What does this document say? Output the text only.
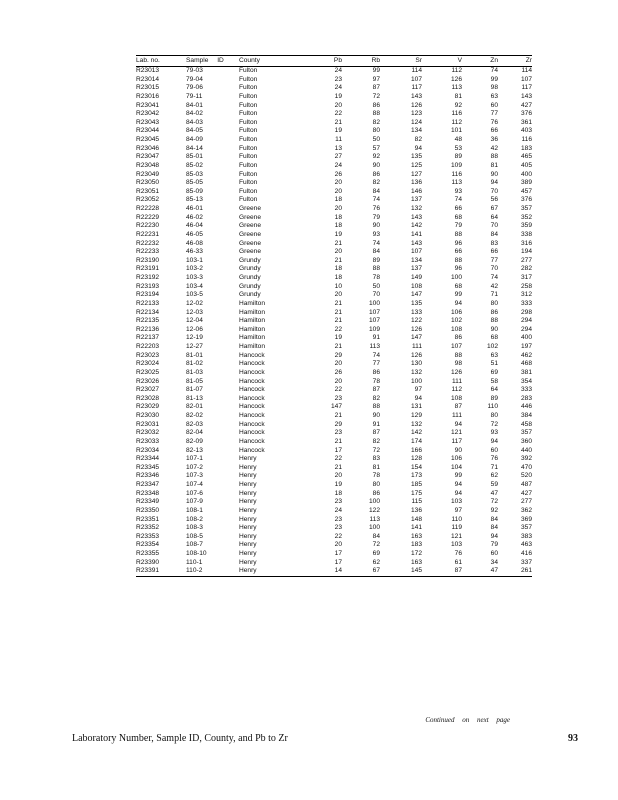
Lab. no.	Sample ID	County	Pb	Rb	Sr	V	Zn	Zr
R23013	79-03	Fulton	24	99	114	112	74	114
R23014	79-04	Fulton	23	97	107	126	99	107
R23015	79-06	Fulton	24	87	117	113	98	117
R23016	79-11	Fulton	19	72	143	81	63	143
R23041	84-01	Fulton	20	86	126	92	60	427
R23042	84-02	Fulton	22	88	123	116	77	376
R23043	84-03	Fulton	21	82	124	112	76	361
R23044	84-05	Fulton	19	80	134	101	66	403
R23045	84-09	Fulton	11	50	82	48	36	116
R23046	84-14	Fulton	13	57	94	53	42	183
R23047	85-01	Fulton	27	92	135	89	88	465
R23048	85-02	Fulton	24	90	125	109	81	405
R23049	85-03	Fulton	26	86	127	116	90	400
R23050	85-05	Fulton	20	82	136	113	94	389
R23051	85-09	Fulton	20	84	146	93	70	457
R23052	85-13	Fulton	18	74	137	74	56	376
R22228	46-01	Greene	20	76	132	66	67	357
R22229	46-02	Greene	18	79	143	68	64	352
R22230	46-04	Greene	18	90	142	79	70	359
R22231	46-05	Greene	19	93	141	88	84	338
R22232	46-08	Greene	21	74	143	96	83	316
R22233	46-33	Greene	20	84	107	66	66	194
R23190	103-1	Grundy	21	89	134	88	77	277
R23191	103-2	Grundy	18	88	137	96	70	282
R23192	103-3	Grundy	18	78	149	100	74	317
R23193	103-4	Grundy	10	50	108	68	42	258
R23194	103-5	Grundy	20	70	147	99	71	312
R22133	12-02	Hamilton	21	100	135	94	80	333
R22134	12-03	Hamilton	21	107	133	106	86	298
R22135	12-04	Hamilton	21	107	122	102	88	294
R22136	12-06	Hamilton	22	109	126	108	90	294
R22137	12-19	Hamilton	19	91	147	86	68	400
R22203	12-27	Hamilton	21	113	111	107	102	197
R23023	81-01	Hancock	29	74	126	88	63	462
R23024	81-02	Hancock	20	77	130	98	51	468
R23025	81-03	Hancock	26	86	132	126	69	381
R23026	81-05	Hancock	20	78	100	111	58	354
R23027	81-07	Hancock	22	87	97	112	64	333
R23028	81-13	Hancock	23	82	94	108	89	283
R23029	82-01	Hancock	147	88	131	87	110	446
R23030	82-02	Hancock	21	90	129	111	80	384
R23031	82-03	Hancock	29	91	132	94	72	458
R23032	82-04	Hancock	23	87	142	121	93	357
R23033	82-09	Hancock	21	82	174	117	94	360
R23034	82-13	Hancock	17	72	166	90	60	440
R23344	107-1	Henry	22	83	128	106	76	392
R23345	107-2	Henry	21	81	154	104	71	470
R23346	107-3	Henry	20	78	173	99	62	520
R23347	107-4	Henry	19	80	185	94	59	487
R23348	107-6	Henry	18	86	175	94	47	427
R23349	107-9	Henry	23	100	115	103	72	277
R23350	108-1	Henry	24	122	136	97	92	362
R23351	108-2	Henry	23	113	148	110	84	369
R23352	108-3	Henry	23	100	141	119	84	357
R23353	108-5	Henry	22	84	163	121	94	383
R23354	108-7	Henry	20	72	183	103	79	463
R23355	108-10	Henry	17	69	172	76	60	416
R23390	110-1	Henry	17	62	163	61	34	337
R23391	110-2	Henry	14	67	145	87	47	261
Continued on next page
Laboratory Number, Sample ID, County, and Pb to Zr	93
